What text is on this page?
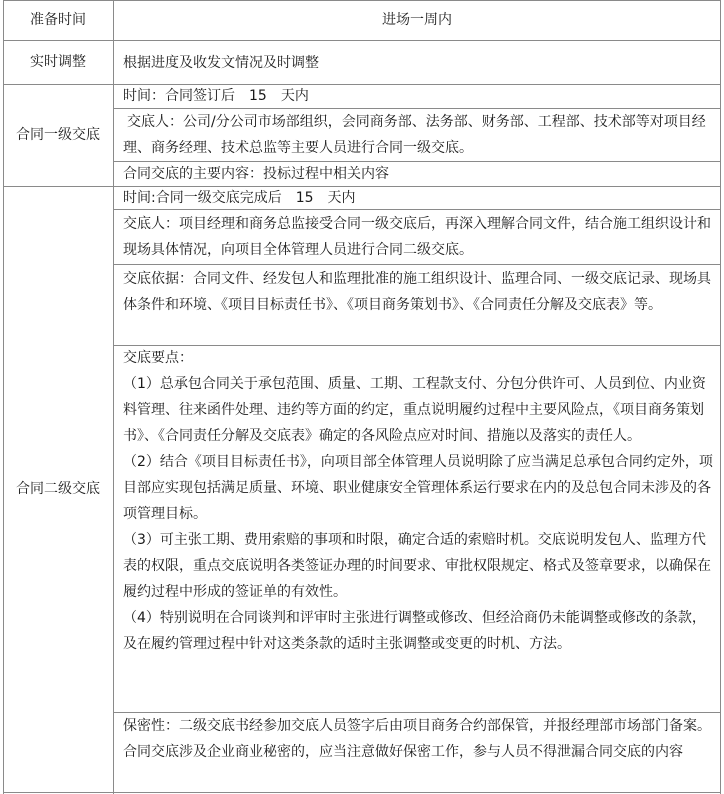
准备时间	进场一周内
实时调整	根据进度及收发文情况及时调整
合同一级交底
时间：合同签订后　15　天内
交底人：公司/分公司市场部组织，会同商务部、法务部、财务部、工程部、技术部等对项目经理、商务经理、技术总监等主要人员进行合同一级交底。
合同交底的主要内容：投标过程中相关内容
合同二级交底
时间:合同一级交底完成后　15　天内
交底人：项目经理和商务总监接受合同一级交底后，再深入理解合同文件，结合施工组织设计和现场具体情况，向项目全体管理人员进行合同二级交底。
交底依据：合同文件、经发包人和监理批准的施工组织设计、监理合同、一级交底记录、现场具体条件和环境、《项目目标责任书》、《项目商务策划书》、《合同责任分解及交底表》等。

交底要点：

（1）总承包合同关于承包范围、质量、工期、工程款支付、分包分供许可、人员到位、内业资料管理、往来函件处理、违约等方面的约定，重点说明履约过程中主要风险点，《项目商务策划书》、《合同责任分解及交底表》确定的各风险点应对时间、措施以及落实的责任人。

（2）结合《项目目标责任书》，向项目部全体管理人员说明除了应当满足总承包合同约定外，项目部应实现包括满足质量、环境、职业健康安全管理体系运行要求在内的及总包合同未涉及的各项管理目标。

（3）可主张工期、费用索赔的事项和时限，确定合适的索赔时机。交底说明发包人、监理方代表的权限，重点交底说明各类签证办理的时间要求、审批权限规定、格式及签章要求，以确保在履约过程中形成的签证单的有效性。

（4）特别说明在合同谈判和评审时主张进行调整或修改、但经洽商仍未能调整或修改的条款，及在履约管理过程中针对这类条款的适时主张调整或变更的时机、方法。

保密性：二级交底书经参加交底人员签字后由项目商务合约部保管，并报经理部市场部门备案。合同交底涉及企业商业秘密的，应当注意做好保密工作，参与人员不得泄漏合同交底的内容
